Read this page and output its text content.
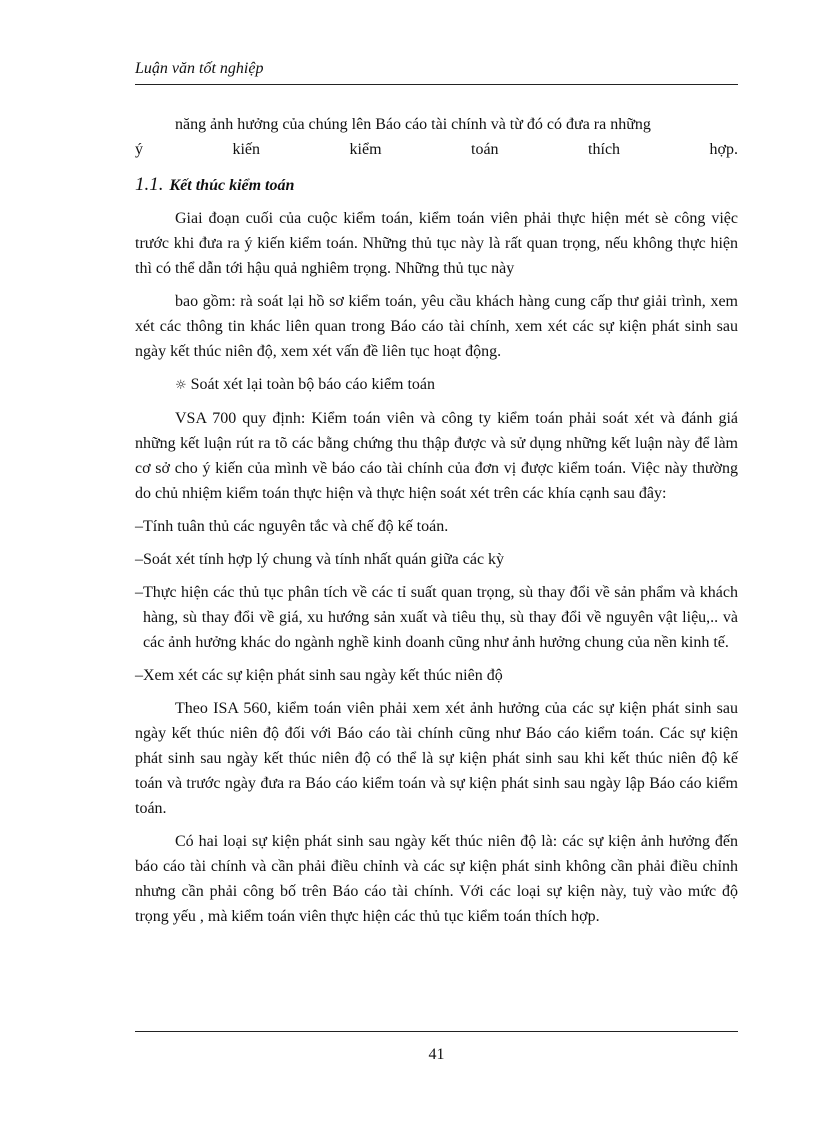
Luận văn tốt nghiệp

năng ảnh hưởng của chúng lên Báo cáo tài chính và từ đó có đưa ra những

ý kiến kiểm toán thích hợp.

1.1. Kết thúc kiểm toán

Giai đoạn cuối của cuộc kiểm toán, kiểm toán viên phải thực hiện mét sè công việc trước khi đưa ra ý kiến kiểm toán. Những thủ tục này là rất quan trọng, nếu không thực hiện thì có thể dẫn tới hậu quả nghiêm trọng. Những thủ tục này

bao gồm: rà soát lại hồ sơ kiểm toán, yêu cầu khách hàng cung cấp thư giải trình, xem xét các thông tin khác liên quan trong Báo cáo tài chính, xem xét các sự kiện phát sinh sau ngày kết thúc niên độ, xem xét vấn đề liên tục hoạt động.

☼ Soát xét lại toàn bộ báo cáo kiểm toán

VSA 700 quy định: Kiểm toán viên và công ty kiểm toán phải soát xét và đánh giá những kết luận rút ra tõ các bằng chứng thu thập được và sử dụng những kết luận này để làm cơ sở cho ý kiến của mình về báo cáo tài chính của đơn vị được kiểm toán. Việc này thường do chủ nhiệm kiểm toán thực hiện và thực hiện soát xét trên các khía cạnh sau đây:

– Tính tuân thủ các nguyên tắc và chế độ kế toán.

– Soát xét tính hợp lý chung và tính nhất quán giữa các kỳ

– Thực hiện các thủ tục phân tích về các tỉ suất quan trọng, sù thay đổi về sản phẩm và khách hàng, sù thay đổi về giá, xu hướng sản xuất và tiêu thụ, sù thay đổi về nguyên vật liệu,.. và các ảnh hưởng khác do ngành nghề kinh doanh cũng như ảnh hưởng chung của nền kinh tế.

– Xem xét các sự kiện phát sinh sau ngày kết thúc niên độ

Theo ISA 560, kiểm toán viên phải xem xét ảnh hưởng của các sự kiện phát sinh sau ngày kết thúc niên độ đối với Báo cáo tài chính cũng như Báo cáo kiểm toán. Các sự kiện phát sinh sau ngày kết thúc niên độ có thể là sự kiện phát sinh sau khi kết thúc niên độ kế toán và trước ngày đưa ra Báo cáo kiểm toán và sự kiện phát sinh sau ngày lập Báo cáo kiểm toán.

Có hai loại sự kiện phát sinh sau ngày kết thúc niên độ là: các sự kiện ảnh hưởng đến báo cáo tài chính và cần phải điều chỉnh và các sự kiện phát sinh không cần phải điều chỉnh nhưng cần phải công bố trên Báo cáo tài chính. Với các loại sự kiện này, tuỳ vào mức độ trọng yếu , mà kiểm toán viên thực hiện các thủ tục kiểm toán thích hợp.

41
